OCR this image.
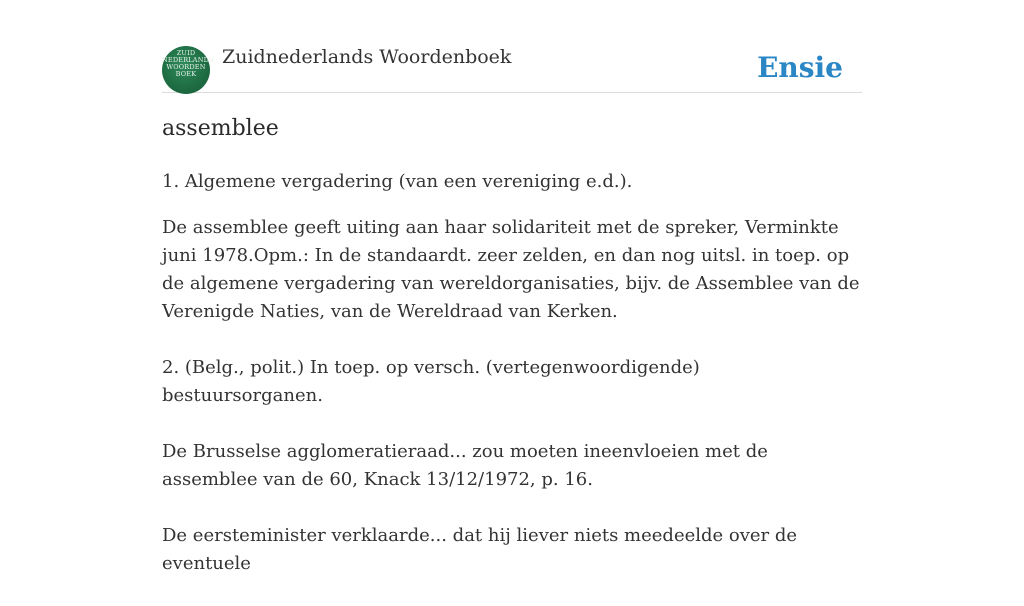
ZUID
NEDERLANDS
WOORDEN
BOEK
Zuidnederlands Woordenboek	Ensie
assemblee

1. Algemene vergadering (van een vereniging e.d.).

De assemblee geeft uiting aan haar solidariteit met de spreker, Verminkte juni 1978.Opm.: In de standaardt. zeer zelden, en dan nog uitsl. in toep. op de algemene vergadering van wereldorganisaties, bijv. de Assemblee van de Verenigde Naties, van de Wereldraad van Kerken.

2. (Belg., polit.) In toep. op versch. (vertegenwoordigende) bestuursorganen.

De Brusselse agglomeratieraad... zou moeten ineenvloeien met de assemblee van de 60, Knack 13/12/1972, p. 16.

De eersteminister verklaarde... dat hij liever niets meedeelde over de eventuele
